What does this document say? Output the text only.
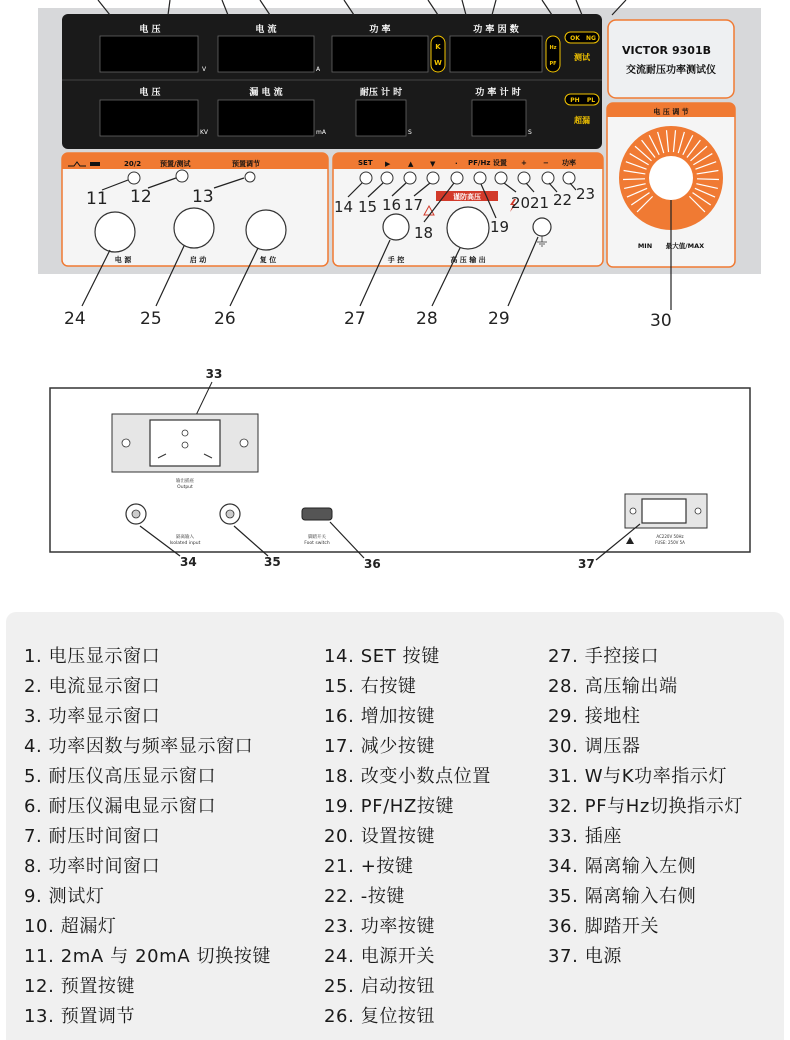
电 压	电 流	功 率	功 率 因 数
电 压	漏 电 流	耐压 计 时	功 率 计 时
V	A
KV	mA	S	S
K
W
Hz
PF
OK NG
测试
PH PL
超漏
VICTOR 9301B
交流耐压功率测试仪
20/2	预置/测试	预置调节
电 源	启 动	复 位
SET ▶	▲ ▼	· PF/Hz 设置 + − 功率
谨防高压
手 控	高 压 输 出
电 压 调 节
MIN 最大值/MAX
11 12 13	14 15 16 17
18	19
20 21 22 23
24	25	26	27	28	29	30
33
输出插座
Output
隔离输入
Isolated input
脚踏开关
Foot switch
AC220V 50Hz
FUSE: 250V 5A
34	35	36	37
1. 电压显示窗口
2. 电流显示窗口
3. 功率显示窗口
4. 功率因数与频率显示窗口
5. 耐压仪高压显示窗口
6. 耐压仪漏电显示窗口
7. 耐压时间窗口
8. 功率时间窗口
9. 测试灯
10. 超漏灯
11. 2mA 与 20mA 切换按键
12. 预置按键
13. 预置调节
14. SET 按键
15. 右按键
16. 增加按键
17. 减少按键
18. 改变小数点位置
19. PF/HZ按键
20. 设置按键
21. +按键
22. -按键
23. 功率按键
24. 电源开关
25. 启动按钮
26. 复位按钮
27. 手控接口
28. 高压输出端
29. 接地柱
30. 调压器
31. W与K功率指示灯
32. PF与Hz切换指示灯
33. 插座
34. 隔离输入左侧
35. 隔离输入右侧
36. 脚踏开关
37. 电源
